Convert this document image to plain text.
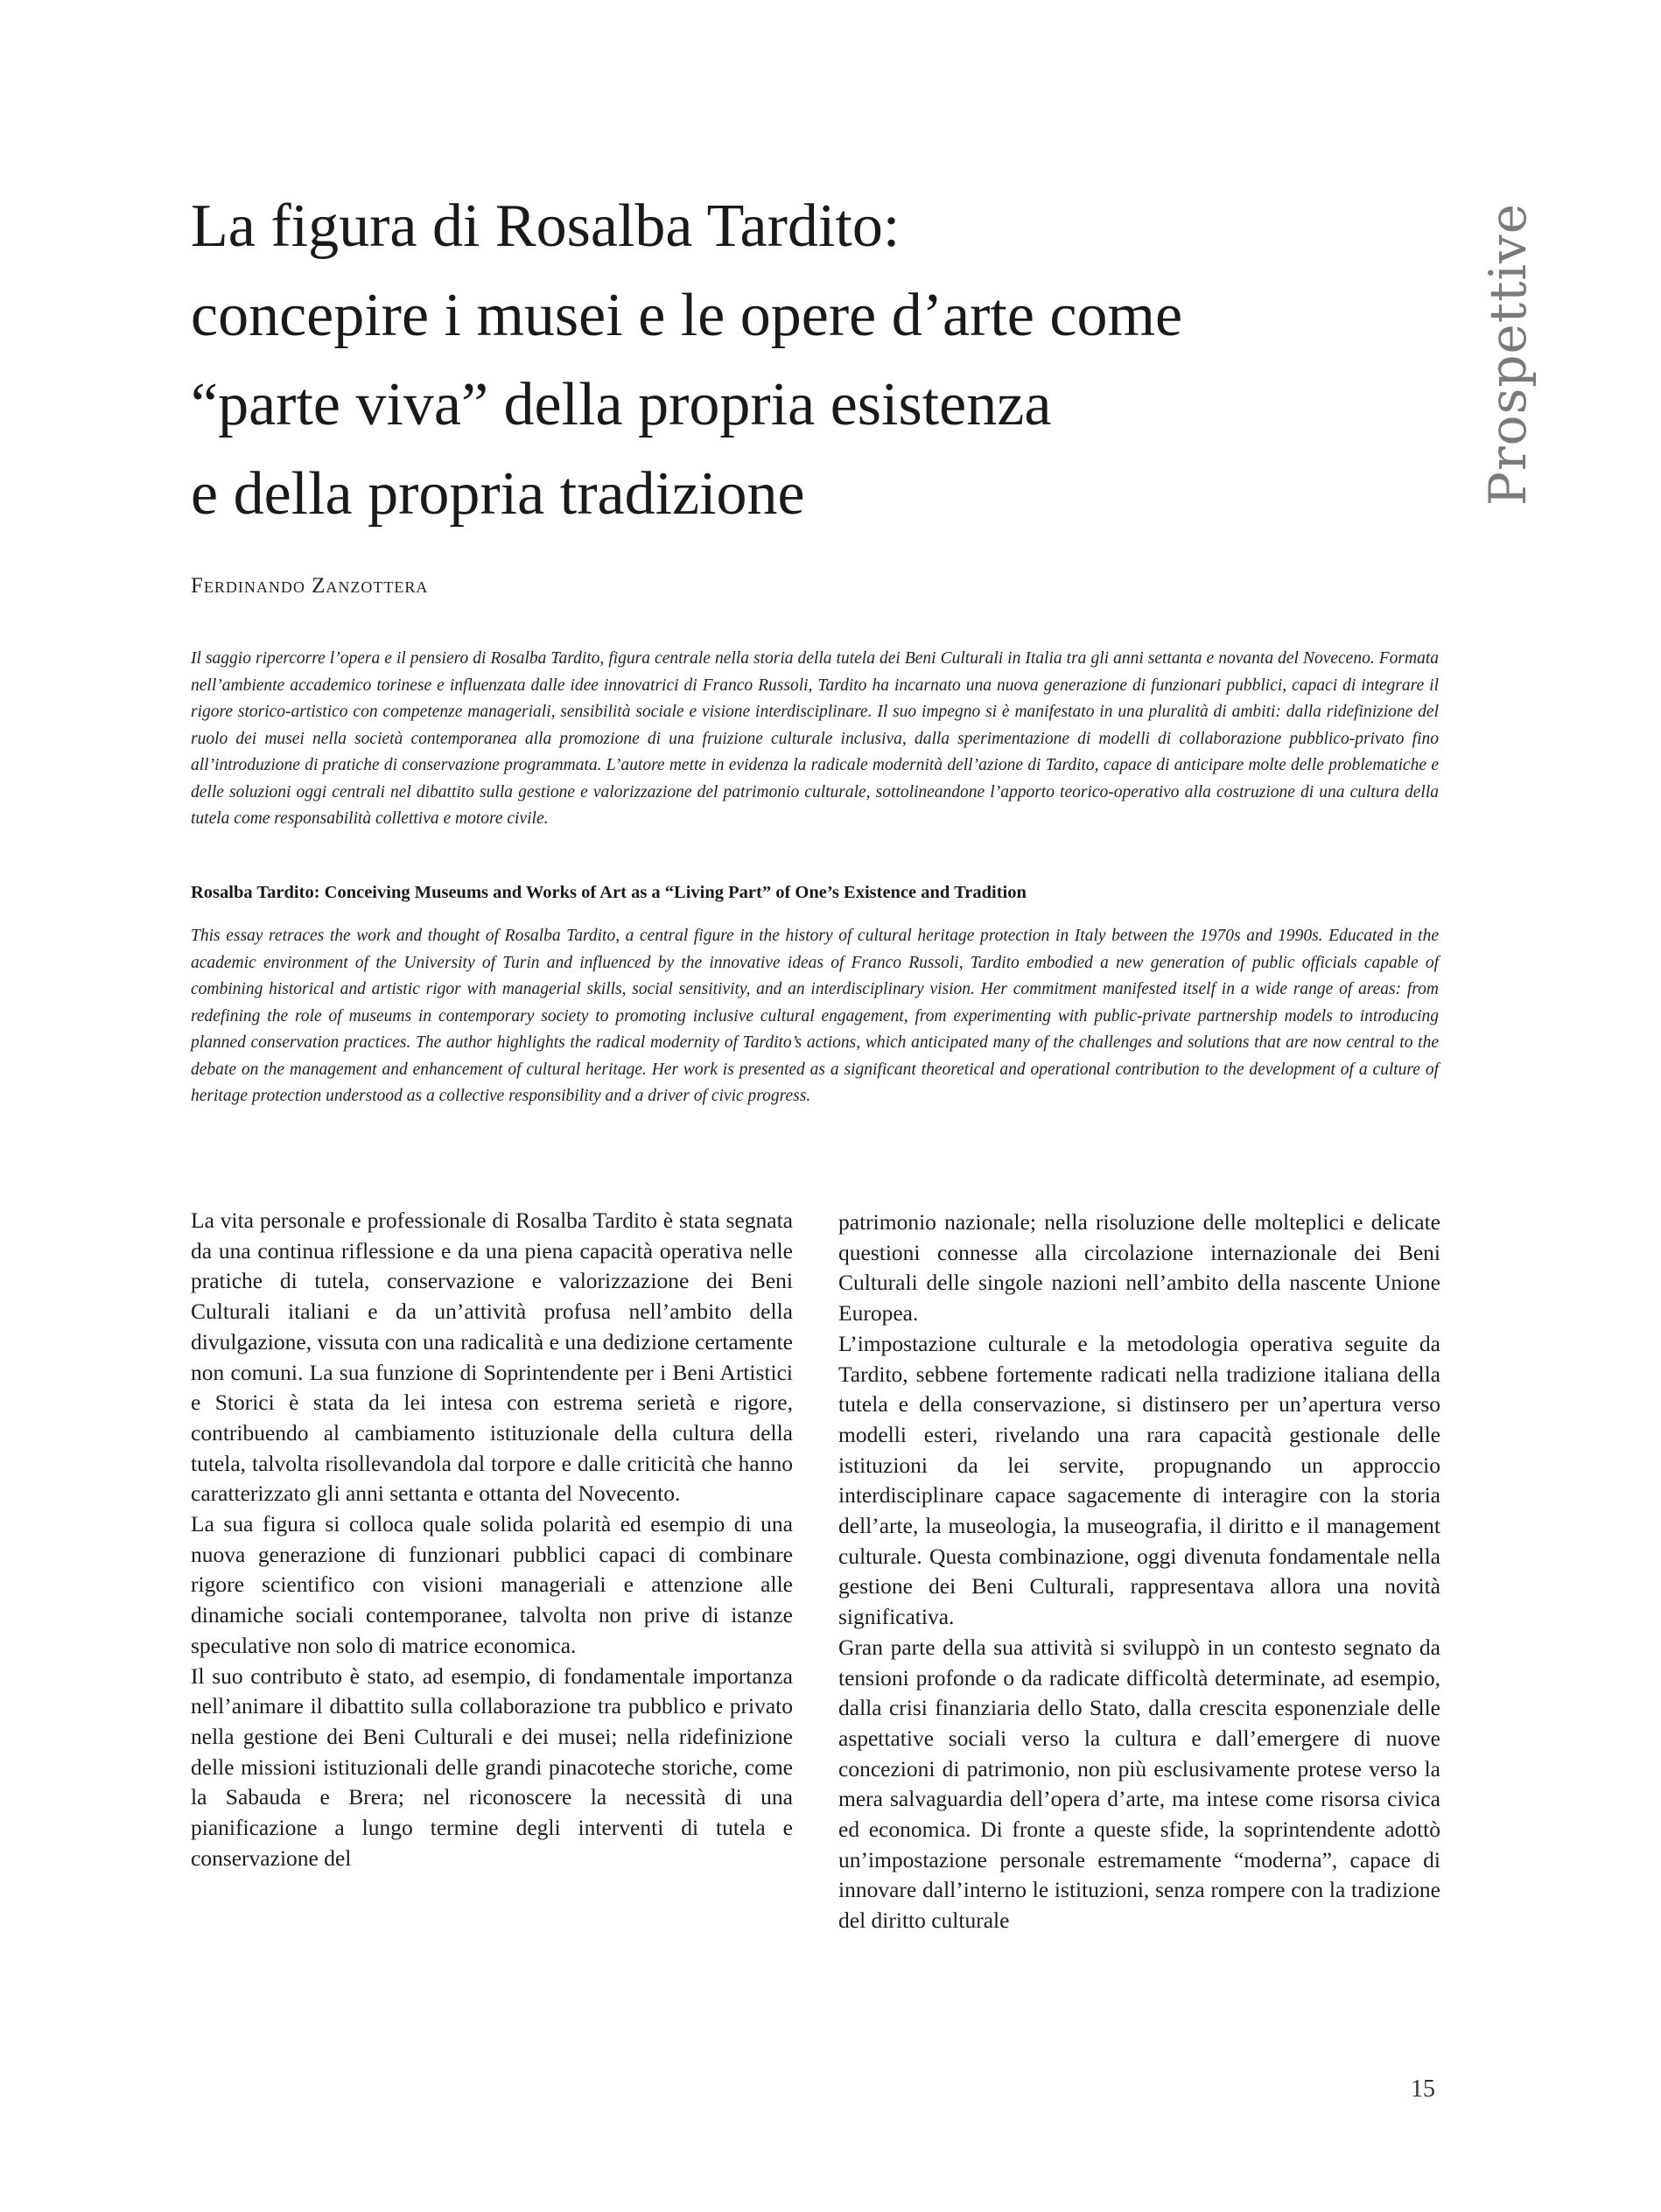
Prospettive
La figura di Rosalba Tardito:
concepire i musei e le opere d’arte come
“parte viva” della propria esistenza
e della propria tradizione
Ferdinando Zanzottera

Il saggio ripercorre l’opera e il pensiero di Rosalba Tardito, figura centrale nella storia della tutela dei Beni Culturali in Italia tra gli anni settanta e novanta del Noveceno. Formata nell’ambiente accademico torinese e influenzata dalle idee innovatrici di Franco Russoli, Tardito ha incarnato una nuova generazione di funzionari pubblici, capaci di integrare il rigore storico-artistico con competenze manageriali, sensibilità sociale e visione interdisciplinare. Il suo impegno si è manifestato in una pluralità di ambiti: dalla ridefinizione del ruolo dei musei nella società contemporanea alla promozione di una fruizione culturale inclusiva, dalla sperimentazione di modelli di collaborazione pubblico-privato fino all’introduzione di pratiche di conservazione programmata. L’autore mette in evidenza la radicale modernità dell’azione di Tardito, capace di anticipare molte delle problematiche e delle soluzioni oggi centrali nel dibattito sulla gestione e valorizzazione del patrimonio culturale, sottolineandone l’apporto teorico-operativo alla costruzione di una cultura della tutela come responsabilità collettiva e motore civile.

Rosalba Tardito: Conceiving Museums and Works of Art as a “Living Part” of One’s Existence and Tradition

This essay retraces the work and thought of Rosalba Tardito, a central figure in the history of cultural heritage protection in Italy between the 1970s and 1990s. Educated in the academic environment of the University of Turin and influenced by the innovative ideas of Franco Russoli, Tardito embodied a new generation of public officials capable of combining historical and artistic rigor with managerial skills, social sensitivity, and an interdisciplinary vision. Her commitment manifested itself in a wide range of areas: from redefining the role of museums in contemporary society to promoting inclusive cultural engagement, from experimenting with public-private partnership models to introducing planned conservation practices. The author highlights the radical modernity of Tardito’s actions, which anticipated many of the challenges and solutions that are now central to the debate on the management and enhancement of cultural heritage. Her work is presented as a significant theoretical and operational contribution to the development of a culture of heritage protection understood as a collective responsibility and a driver of civic progress.

La vita personale e professionale di Rosalba Tardito è stata segnata da una continua riflessione e da una piena capacità operativa nelle pratiche di tutela, conservazione e valorizzazione dei Beni Culturali italiani e da un’attività profusa nell’ambito della divulgazione, vissuta con una radicalità e una dedizione certamente non comuni. La sua funzione di Soprintendente per i Beni Artistici e Storici è stata da lei intesa con estrema serietà e rigore, contribuendo al cambiamento istituzionale della cultura della tutela, talvolta risollevandola dal torpore e dalle criticità che hanno caratterizzato gli anni settanta e ottanta del Novecento.

La sua figura si colloca quale solida polarità ed esempio di una nuova generazione di funzionari pubblici capaci di combinare rigore scientifico con visioni manageriali e attenzione alle dinamiche sociali contemporanee, talvolta non prive di istanze speculative non solo di matrice economica.

Il suo contributo è stato, ad esempio, di fondamentale importanza nell’animare il dibattito sulla collaborazione tra pubblico e privato nella gestione dei Beni Culturali e dei musei; nella ridefinizione delle missioni istituzionali delle grandi pinacoteche storiche, come la Sabauda e Brera; nel riconoscere la necessità di una pianificazione a lungo termine degli interventi di tutela e conservazione del

patrimonio nazionale; nella risoluzione delle molteplici e delicate questioni connesse alla circolazione internazionale dei Beni Culturali delle singole nazioni nell’ambito della nascente Unione Europea.

L’impostazione culturale e la metodologia operativa seguite da Tardito, sebbene fortemente radicati nella tradizione italiana della tutela e della conservazione, si distinsero per un’apertura verso modelli esteri, rivelando una rara capacità gestionale delle istituzioni da lei servite, propugnando un approccio interdisciplinare capace sagacemente di interagire con la storia dell’arte, la museologia, la museografia, il diritto e il management culturale. Questa combinazione, oggi divenuta fondamentale nella gestione dei Beni Culturali, rappresentava allora una novità significativa.

Gran parte della sua attività si sviluppò in un contesto segnato da tensioni profonde o da radicate difficoltà determinate, ad esempio, dalla crisi finanziaria dello Stato, dalla crescita esponenziale delle aspettative sociali verso la cultura e dall’emergere di nuove concezioni di patrimonio, non più esclusivamente protese verso la mera salvaguardia dell’opera d’arte, ma intese come risorsa civica ed economica. Di fronte a queste sfide, la soprintendente adottò un’impostazione personale estremamente “moderna”, capace di innovare dall’interno le istituzioni, senza rompere con la tradizione del diritto culturale

15
